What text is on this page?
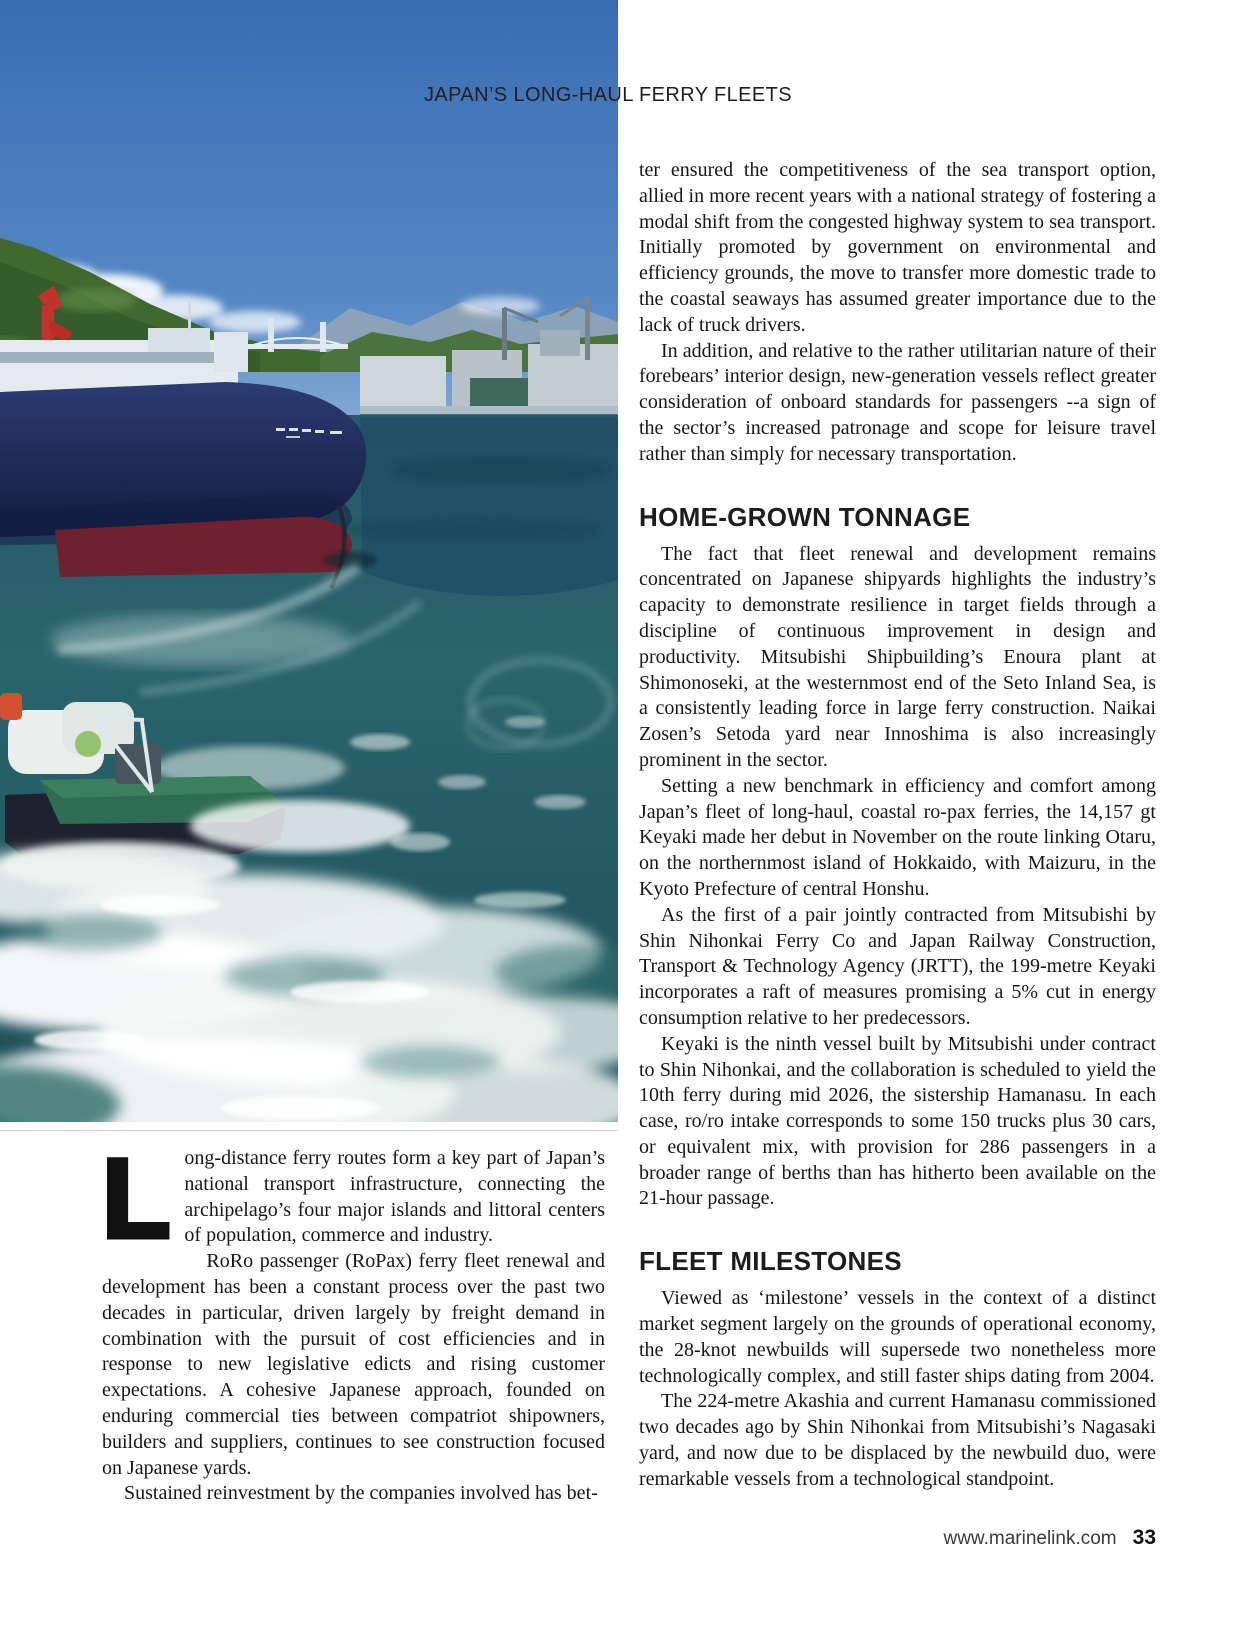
JAPAN’S LONG-HAUL FERRY FLEETS

Long-distance ferry routes form a key part of Japan’s national transport infrastructure, connecting the archipelago’s four major islands and littoral centers of population, commerce and industry.

RoRo passenger (RoPax) ferry fleet renewal and development has been a constant process over the past two decades in particular, driven largely by freight demand in combination with the pursuit of cost efficiencies and in response to new legislative edicts and rising customer expectations. A cohesive Japanese approach, founded on enduring commercial ties between compatriot shipowners, builders and suppliers, continues to see construction focused on Japanese yards.

Sustained reinvestment by the companies involved has bet-

ter ensured the competitiveness of the sea transport option, allied in more recent years with a national strategy of fostering a modal shift from the congested highway system to sea transport. Initially promoted by government on environmental and efficiency grounds, the move to transfer more domestic trade to the coastal seaways has assumed greater importance due to the lack of truck drivers.

In addition, and relative to the rather utilitarian nature of their forebears’ interior design, new-generation vessels reflect greater consideration of onboard standards for passengers --a sign of the sector’s increased patronage and scope for leisure travel rather than simply for necessary transportation.

HOME-GROWN TONNAGE

The fact that fleet renewal and development remains concentrated on Japanese shipyards highlights the industry’s capacity to demonstrate resilience in target fields through a discipline of continuous improvement in design and productivity. Mitsubishi Shipbuilding’s Enoura plant at Shimonoseki, at the westernmost end of the Seto Inland Sea, is a consistently leading force in large ferry construction. Naikai Zosen’s Setoda yard near Innoshima is also increasingly prominent in the sector.

Setting a new benchmark in efficiency and comfort among Japan’s fleet of long-haul, coastal ro-pax ferries, the 14,157 gt Keyaki made her debut in November on the route linking Otaru, on the northernmost island of Hokkaido, with Maizuru, in the Kyoto Prefecture of central Honshu.

As the first of a pair jointly contracted from Mitsubishi by Shin Nihonkai Ferry Co and Japan Railway Construction, Transport & Technology Agency (JRTT), the 199-metre Keyaki incorporates a raft of measures promising a 5% cut in energy consumption relative to her predecessors.

Keyaki is the ninth vessel built by Mitsubishi under contract to Shin Nihonkai, and the collaboration is scheduled to yield the 10th ferry during mid 2026, the sistership Hamanasu. In each case, ro/ro intake corresponds to some 150 trucks plus 30 cars, or equivalent mix, with provision for 286 passengers in a broader range of berths than has hitherto been available on the 21-hour passage.

FLEET MILESTONES

Viewed as ‘milestone’ vessels in the context of a distinct market segment largely on the grounds of operational economy, the 28-knot newbuilds will supersede two nonetheless more technologically complex, and still faster ships dating from 2004.

The 224-metre Akashia and current Hamanasu commissioned two decades ago by Shin Nihonkai from Mitsubishi’s Nagasaki yard, and now due to be displaced by the newbuild duo, were remarkable vessels from a technological standpoint.

www.marinelink.com 33
